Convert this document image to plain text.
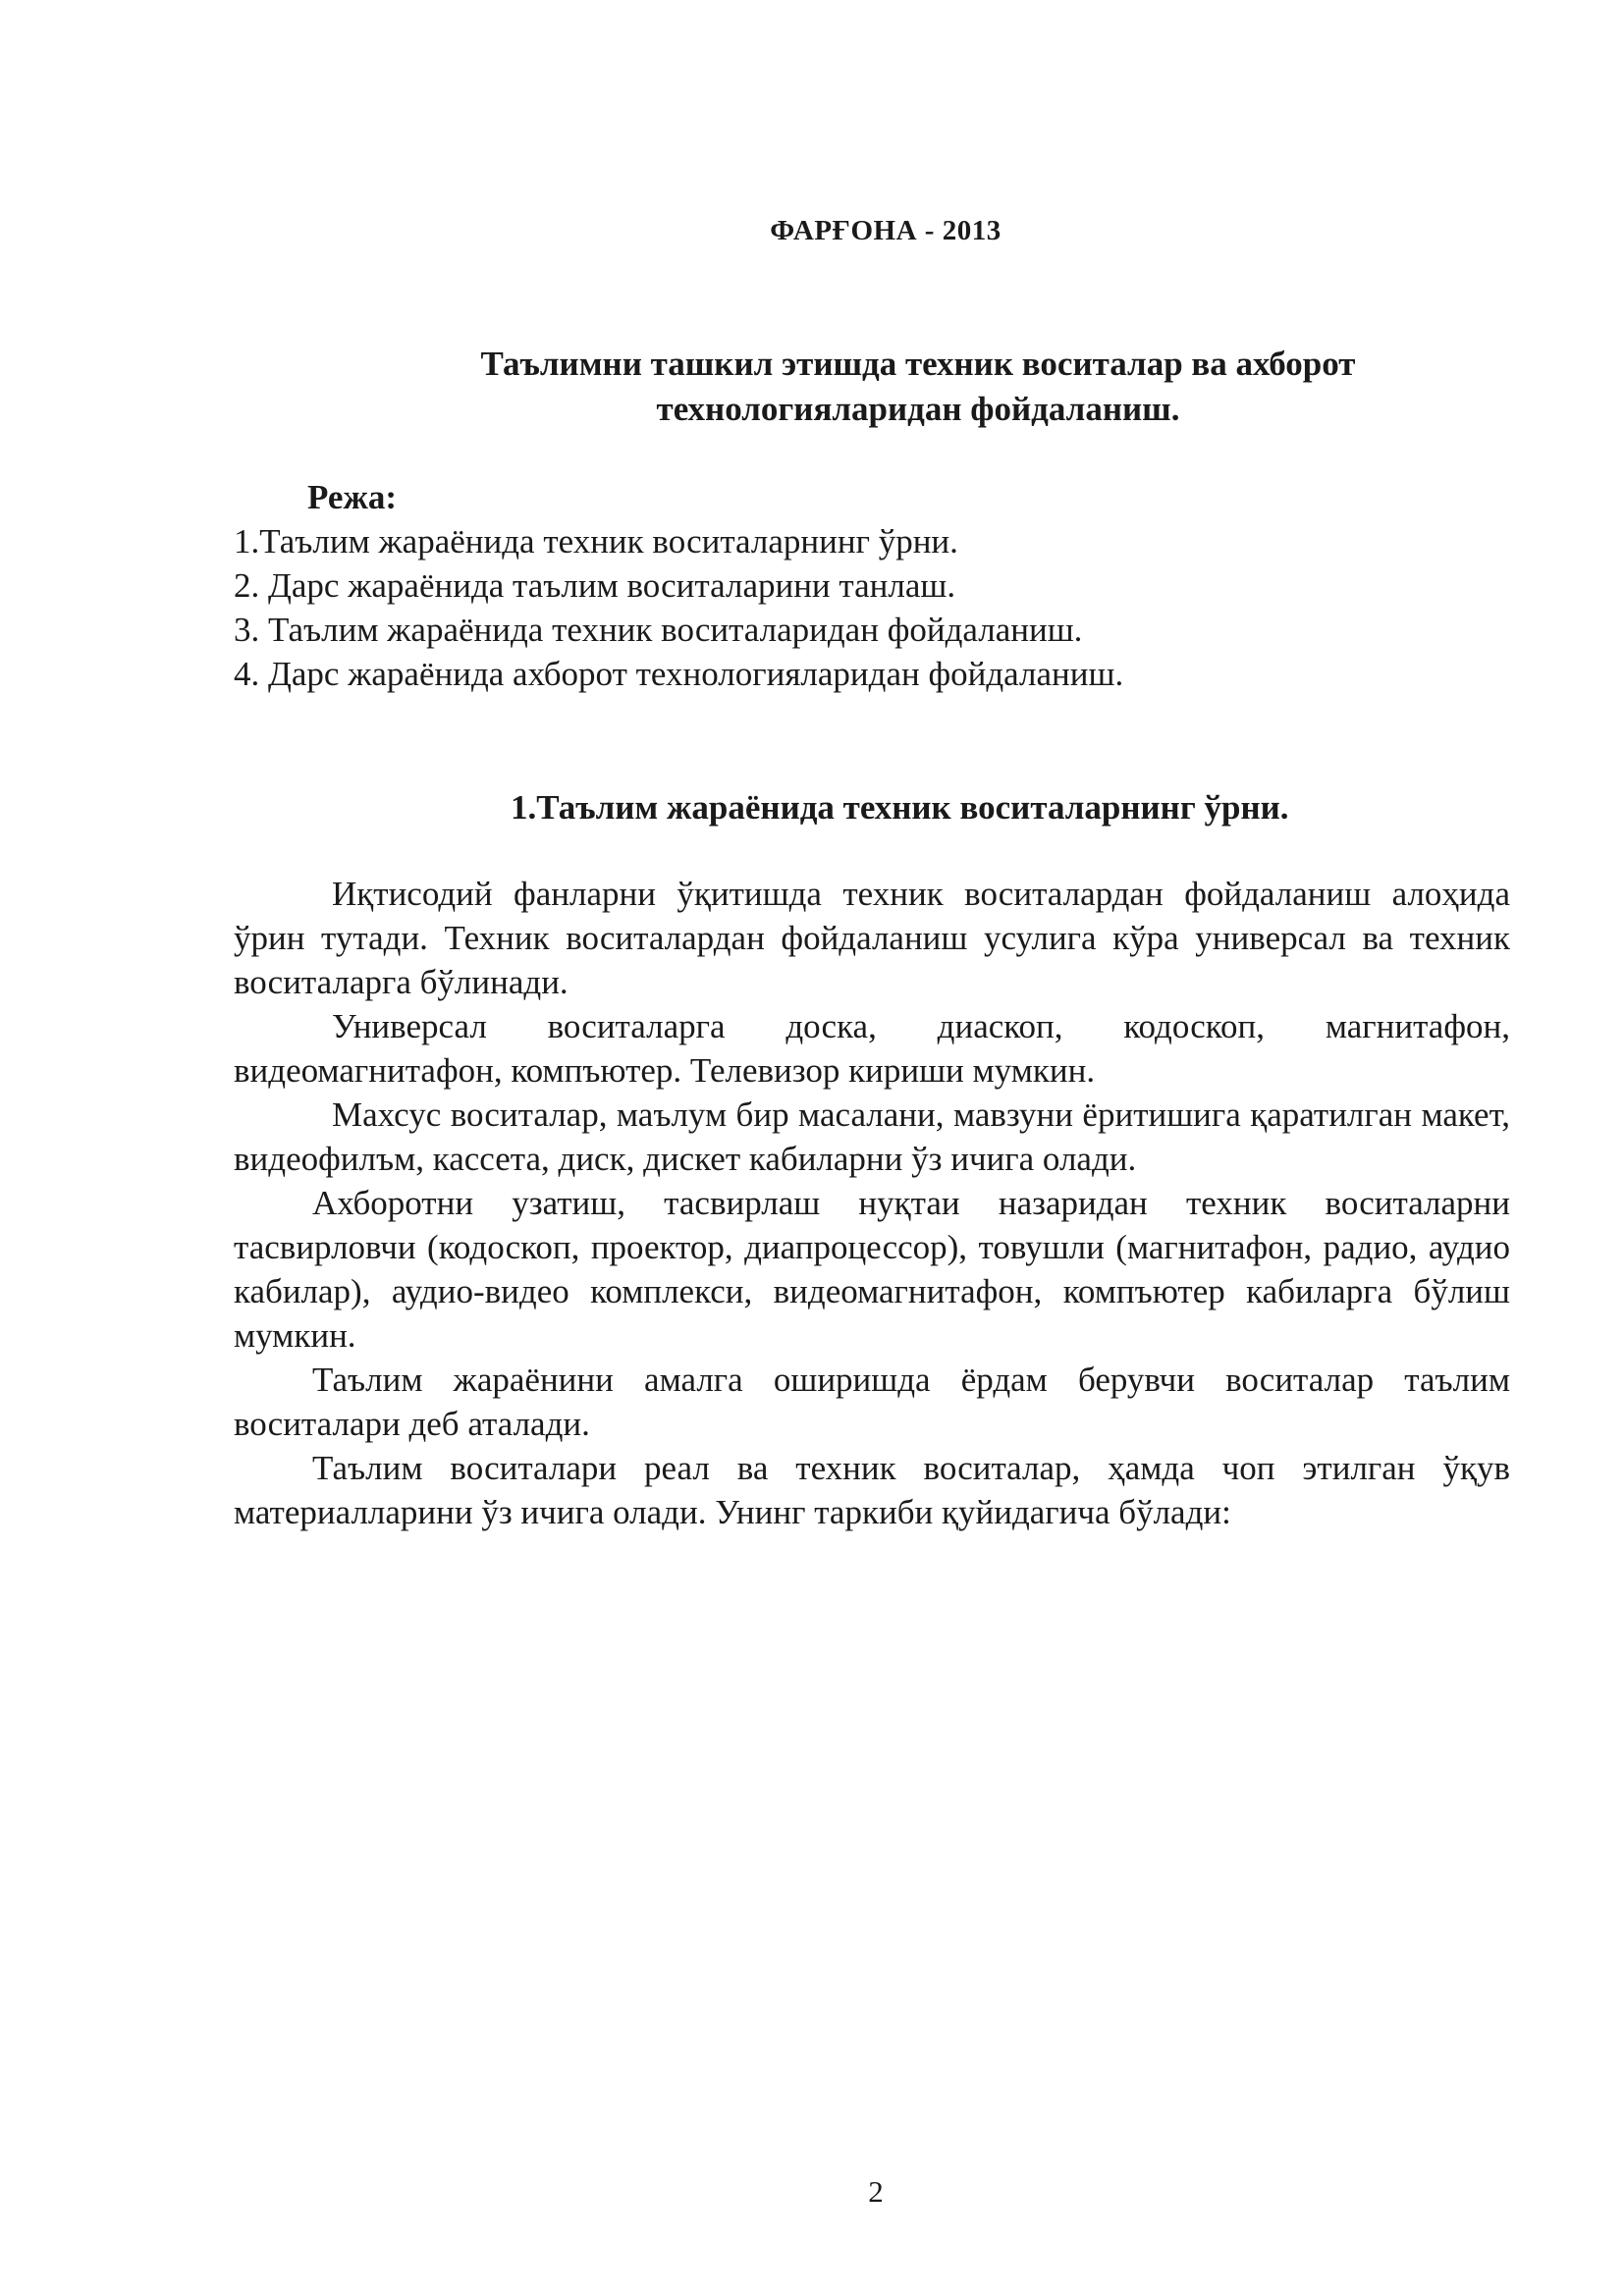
ФАРҒОНА - 2013
Таълимни ташкил этишда техник воситалар ва ахборот
технологияларидан фойдаланиш.
Режа:
1.Таълим жараёнида техник воситаларнинг ўрни.
2. Дарс жараёнида таълим воситаларини танлаш.
3. Таълим жараёнида техник воситаларидан фойдаланиш.
4. Дарс жараёнида ахборот технологияларидан фойдаланиш.
1.Таълим жараёнида техник воситаларнинг ўрни.

Иқтисодий фанларни ўқитишда техник воситалардан фойдаланиш алоҳида ўрин тутади. Техник воситалардан фойдаланиш усулига кўра универсал ва техник воситаларга бўлинади.

Универсал воситаларга доска, диаскоп, кодоскоп, магнитафон, видеомагнитафон, компъютер. Телевизор кириши мумкин.

Махсус воситалар, маълум бир масалани, мавзуни ёритишига қаратилган макет, видеофилъм, кассета, диск, дискет кабиларни ўз ичига олади.

Ахборотни узатиш, тасвирлаш нуқтаи назаридан техник воситаларни тасвирловчи (кодоскоп, проектор, диапроцессор), товушли (магнитафон, радио, аудио кабилар), аудио-видео комплекси, видеомагнитафон, компъютер кабиларга бўлиш мумкин.

Таълим жараёнини амалга оширишда ёрдам берувчи воситалар таълим воситалари деб аталади.

Таълим воситалари реал ва техник воситалар, ҳамда чоп этилган ўқув материалларини ўз ичига олади. Унинг таркиби қуйидагича бўлади:

2
